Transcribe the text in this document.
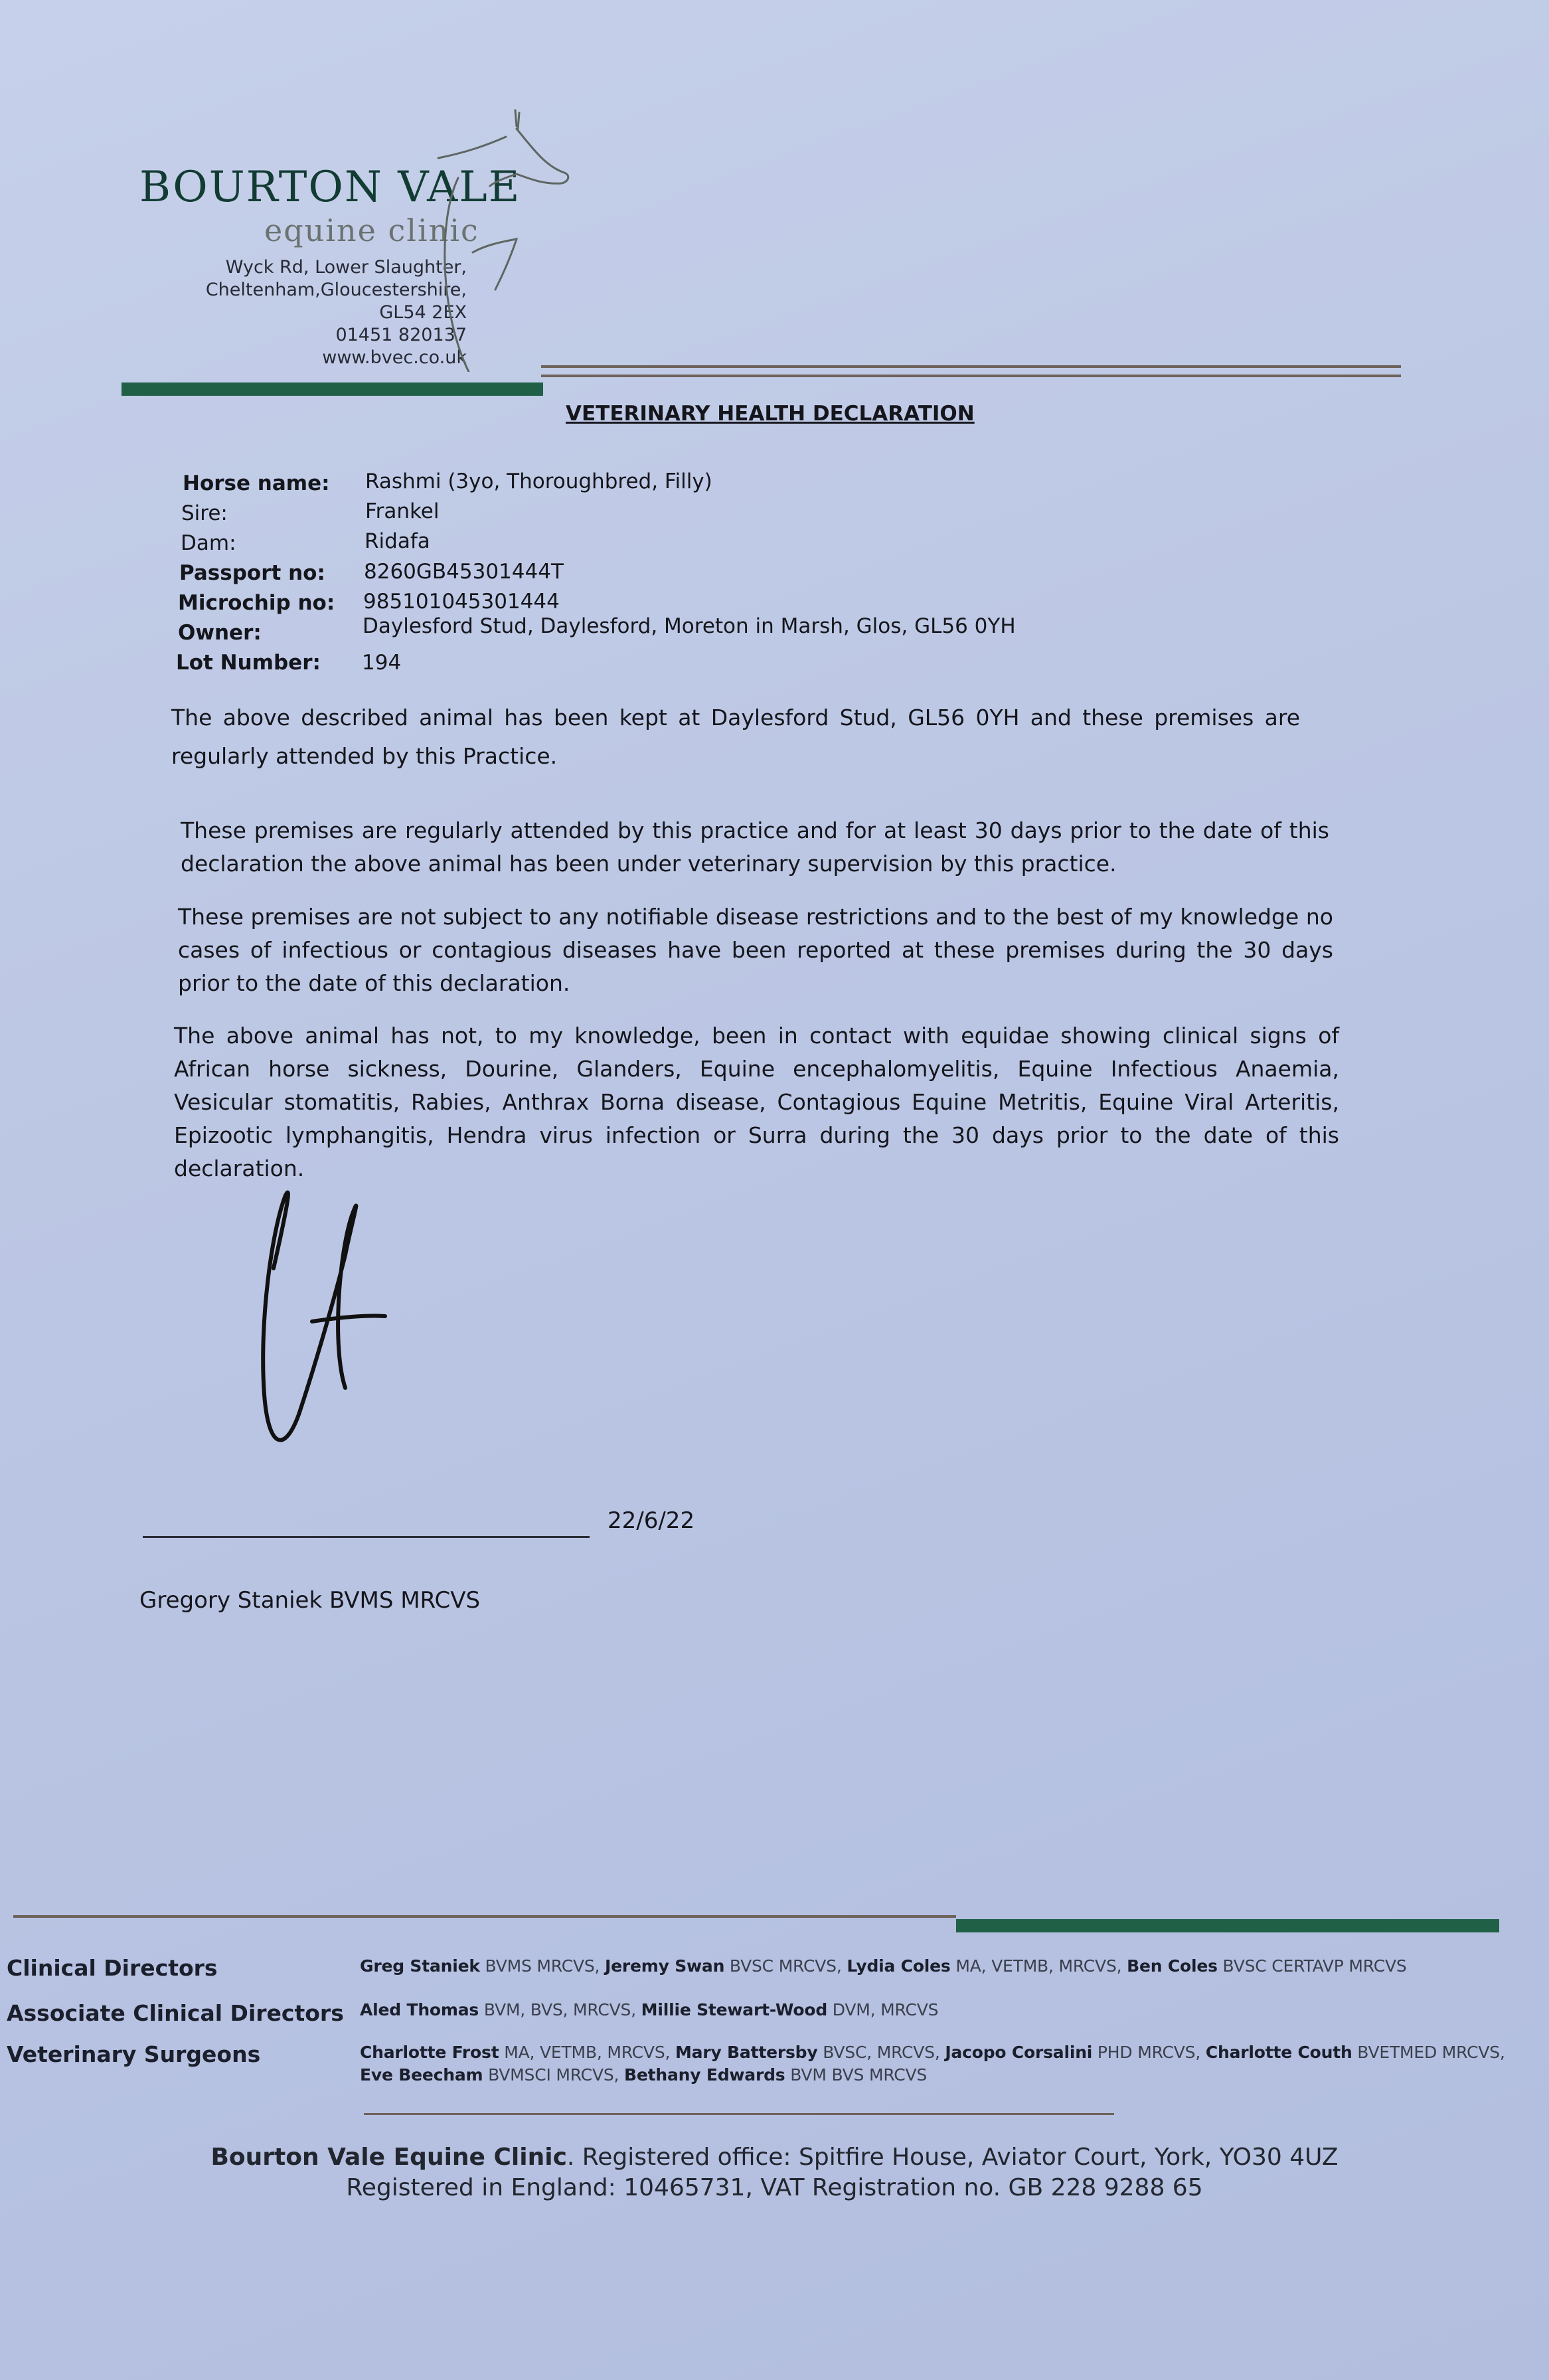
BOURTON VALE
equine clinic
Wyck Rd, Lower Slaughter,
Cheltenham,Gloucestershire,
GL54 2EX
01451 820137
www.bvec.co.uk
VETERINARY HEALTH DECLARATION
Horse name: Rashmi (3yo, Thoroughbred, Filly)
Sire:	Frankel
Dam:	Ridafa
Passport no: 8260GB45301444T
Microchip no: 985101045301444
Owner:	Daylesford Stud, Daylesford, Moreton in Marsh, Glos, GL56 0YH
Lot Number: 194
The above described animal has been kept at Daylesford Stud, GL56 0YH and these premises are regularly attended by this Practice.
These premises are regularly attended by this practice and for at least 30 days prior to the date of this declaration the above animal has been under veterinary supervision by this practice.
These premises are not subject to any notifiable disease restrictions and to the best of my knowledge no cases of infectious or contagious diseases have been reported at these premises during the 30 days prior to the date of this declaration.
The above animal has not, to my knowledge, been in contact with equidae showing clinical signs of African horse sickness, Dourine, Glanders, Equine encephalomyelitis, Equine Infectious Anaemia, Vesicular stomatitis, Rabies, Anthrax Borna disease, Contagious Equine Metritis, Equine Viral Arteritis, Epizootic lymphangitis, Hendra virus infection or Surra during the 30 days prior to the date of this declaration.
22/6/22
Gregory Staniek BVMS MRCVS
Clinical Directors	Greg Staniek BVMS MRCVS, Jeremy Swan BVSC MRCVS, Lydia Coles MA, VETMB, MRCVS, Ben Coles BVSC CERTAVP MRCVS
Associate Clinical Directors Aled Thomas BVM, BVS, MRCVS, Millie Stewart-Wood DVM, MRCVS
Veterinary Surgeons	Charlotte Frost MA, VETMB, MRCVS, Mary Battersby BVSC, MRCVS, Jacopo Corsalini PHD MRCVS, Charlotte Couth BVETMED MRCVS,
Eve Beecham BVMSCI MRCVS, Bethany Edwards BVM BVS MRCVS
Bourton Vale Equine Clinic. Registered office: Spitfire House, Aviator Court, York, YO30 4UZ
Registered in England: 10465731, VAT Registration no. GB 228 9288 65
